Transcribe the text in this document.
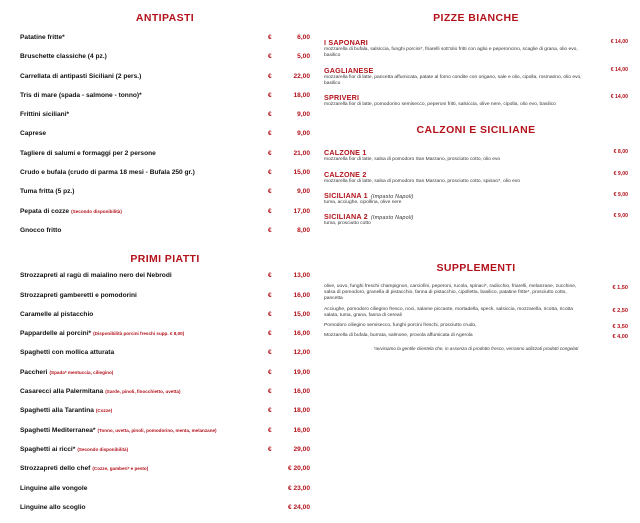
ANTIPASTI
Patatine fritte*	€	6,00
Bruschette classiche (4 pz.)	€	5,00
Carrellata di antipasti Siciliani (2 pers.)	€	22,00
Tris di mare (spada - salmone - tonno)*	€	18,00
Frittini siciliani*	€	9,00
Caprese	€	9,00
Tagliere di salumi e formaggi per 2 persone	€	21,00
Crudo e bufala (crudo di parma 18 mesi - Bufala 250 gr.)	€	15,00
Tuma fritta (5 pz.)	€	9,00
Pepata di cozze (Secondo disponibilità)	€	17,00
Gnocco fritto	€	8,00
PRIMI PIATTI
Strozzapreti al ragù di maialino nero dei Nebrodi	€	13,00
Strozzapreti gamberetti e pomodorini	€	16,00
Caramelle al pistacchio	€	15,00
Pappardelle ai porcini* (Disponibilità porcini freschi supp. € 8,00)	€	16,00
Spaghetti con mollica atturata	€	12,00
Paccheri (Spada* mentuccia, ciliegino)	€	19,00
Casarecci alla Palermitana (Sarde, pinoli, finocchietto, uvetta)	€	16,00
Spaghetti alla Tarantina (Cozze)	€	18,00
Spaghetti Mediterranea* (Tonno, uvetta, pinoli, pomodorino, menta, melanzane)	€	16,00
Spaghetti ai ricci* (Secondo disponibilità)	€	29,00
Strozzapreti dello chef (Cozze, gamberi* e pesto)	€ 20,00
Linguine alle vongole	€ 23,00
Linguine allo scoglio	€ 24,00
PIZZE BIANCHE
I SAPONARI
mozzarella di bufala, salsiccia, funghi porcini*, friarelli sott'olio fritti con aglio e peperoncino, scaglie di grana, olio evo, basilico
€ 14,00
GAGLIANESE
mozzarella fior di latte, pancetta affumicata, patate al forno condite con origano, sale e olio, cipolla, rosmarino, olio evo, basilico
€ 14,00
SPRIVERI
mozzarella fior di latte, pomodorino semisecco, peperoni fritti, salsiccia, olive nere, cipolla, olio evo, basilico
€ 14,00
CALZONI E SICILIANE
CALZONE 1
mozzarella fior di latte, salsa di pomodoro San Marzano, prosciutto cotto, olio evo
€ 8,00
CALZONE 2
mozzarella fior di latte, salsa di pomodoro San Marzano, prosciutto cotto, spinaci*, olio evo
€ 9,00
SICILIANA 1 (Impasto Napoli)
tuma, acciughe, cipollina, olive nere
€ 9,00
SICILIANA 2 (Impasto Napoli)
tuma, prosciutto cotto
€ 9,00
SUPPLEMENTI
olive, uovo, funghi freschi champignon, carciofini, peperoni, rucola, spinaci*, radicchio, friarelli, melanzane, zucchine, salsa di pomodoro, granella di pistacchio, fanna di pistacchio, cipolletta, basilico, patatine fritte*, prosciutto cotto, pancetta
€ 1,50
Acciughe, pomodoro ciliegino fresco, noci, salame piccante, mortadella, speck, salsiccia, mozzarella, ricotta, ricotta salata, tuma, grana, fanna di cereali
€ 2,50
Pomodoro ciliegino semisecco, funghi porcini freschi, prosciutto crudo,	€ 3,50
Mozzarella di bufala, burrata, salmone, provola affumicata di Agerola	€ 4,00
*avvisiamo la gentile clientela che, in assenza di prodotto fresco, verranno utilizzati prodotti congelati
